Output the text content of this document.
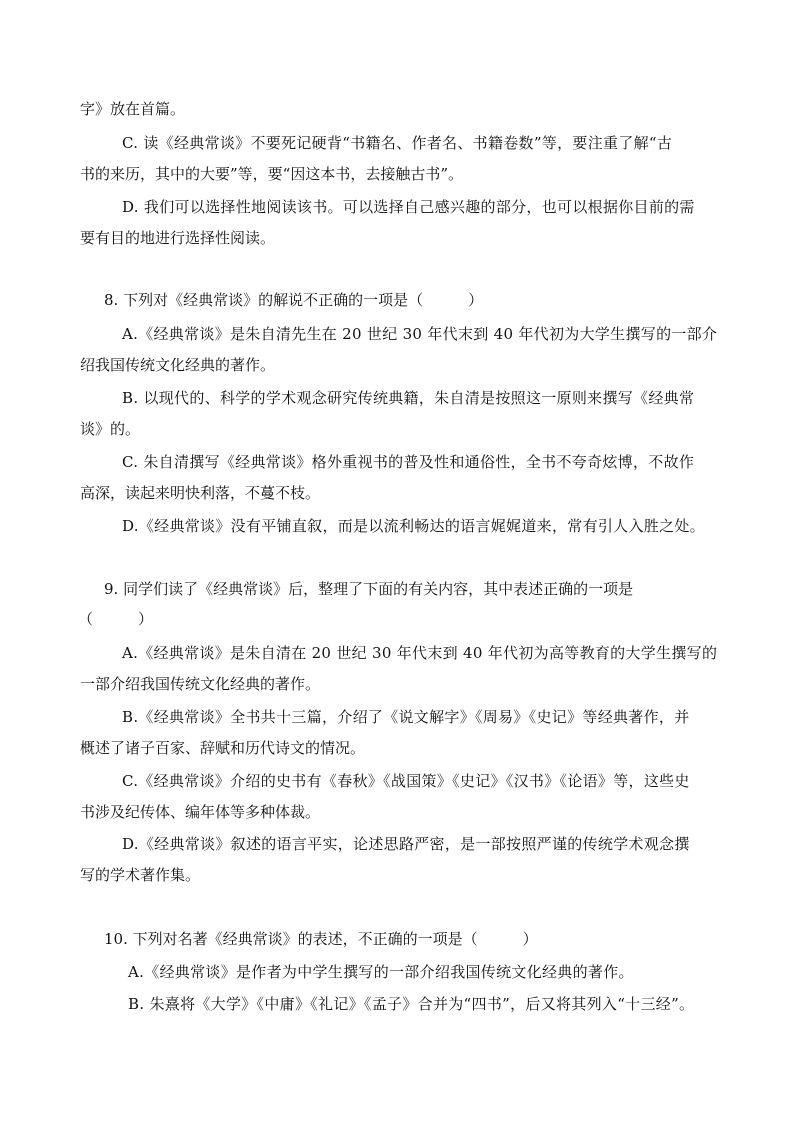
字》放在首篇。
C. 读《经典常谈》不要死记硬背“书籍名、作者名、书籍卷数”等，要注重了解“古
书的来历，其中的大要”等，要“因这本书，去接触古书”。
D. 我们可以选择性地阅读该书。可以选择自己感兴趣的部分，也可以根据你目前的需
要有目的地进行选择性阅读。
8. 下列对《经典常谈》的解说不正确的一项是（　　　）
A.《经典常谈》是朱自清先生在 20 世纪 30 年代末到 40 年代初为大学生撰写的一部介
绍我国传统文化经典的著作。
B. 以现代的、科学的学术观念研究传统典籍，朱自清是按照这一原则来撰写《经典常
谈》的。
C. 朱自清撰写《经典常谈》格外重视书的普及性和通俗性，全书不夸奇炫博，不故作
高深，读起来明快利落，不蔓不枝。
D.《经典常谈》没有平铺直叙，而是以流利畅达的语言娓娓道来，常有引人入胜之处。
9. 同学们读了《经典常谈》后，整理了下面的有关内容，其中表述正确的一项是
（　　　）
A.《经典常谈》是朱自清在 20 世纪 30 年代末到 40 年代初为高等教育的大学生撰写的
一部介绍我国传统文化经典的著作。
B.《经典常谈》全书共十三篇，介绍了《说文解字》《周易》《史记》等经典著作，并
概述了诸子百家、辞赋和历代诗文的情况。
C.《经典常谈》介绍的史书有《春秋》《战国策》《史记》《汉书》《论语》等，这些史
书涉及纪传体、编年体等多种体裁。
D.《经典常谈》叙述的语言平实，论述思路严密，是一部按照严谨的传统学术观念撰
写的学术著作集。
10. 下列对名著《经典常谈》的表述，不正确的一项是（　　　）
A.《经典常谈》是作者为中学生撰写的一部介绍我国传统文化经典的著作。
B. 朱熹将《大学》《中庸》《礼记》《孟子》合并为“四书”，后又将其列入“十三经”。
